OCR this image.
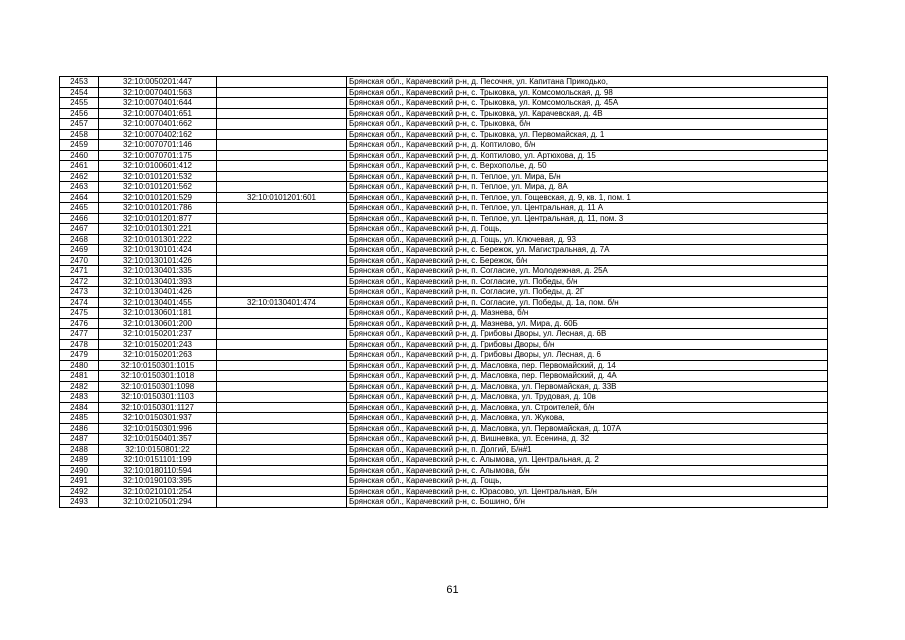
2453	32:10:0050201:447		Брянская обл., Карачевский р-н, д. Песочня, ул. Капитана Прикодько,
2454	32:10:0070401:563		Брянская обл., Карачевский р-н, с. Трыковка, ул. Комсомольская, д. 98
2455	32:10:0070401:644		Брянская обл., Карачевский р-н, с. Трыковка, ул. Комсомольская, д. 45А
2456	32:10:0070401:651		Брянская обл., Карачевский р-н, с. Трыковка, ул. Карачевская, д. 4В
2457	32:10:0070401:662		Брянская обл., Карачевский р-н, с. Трыковка, б/н
2458	32:10:0070402:162		Брянская обл., Карачевский р-н, с. Трыковка, ул. Первомайская, д. 1
2459	32:10:0070701:146		Брянская обл., Карачевский р-н, д. Коптилово, б/н
2460	32:10:0070701:175		Брянская обл., Карачевский р-н, д. Коптилово, ул. Артюхова, д. 15
2461	32:10:0100601:412		Брянская обл., Карачевский р-н, с. Верхополье, д. 50
2462	32:10:0101201:532		Брянская обл., Карачевский р-н, п. Теплое, ул. Мира, Б/н
2463	32:10:0101201:562		Брянская обл., Карачевский р-н, п. Теплое, ул. Мира, д. 8А
2464	32:10:0101201:529	32:10:0101201:601	Брянская обл., Карачевский р-н, п. Теплое, ул. Гощевская, д. 9, кв. 1, пом. 1
2465	32:10:0101201:786		Брянская обл., Карачевский р-н, п. Теплое, ул. Центральная, д. 11 А
2466	32:10:0101201:877		Брянская обл., Карачевский р-н, п. Теплое, ул. Центральная, д. 11, пом. 3
2467	32:10:0101301:221		Брянская обл., Карачевский р-н, д. Гощь,
2468	32:10:0101301:222		Брянская обл., Карачевский р-н, д. Гощь, ул. Ключевая, д. 93
2469	32:10:0130101:424		Брянская обл., Карачевский р-н, с. Бережок, ул. Магистральная, д. 7А
2470	32:10:0130101:426		Брянская обл., Карачевский р-н, с. Бережок, б/н
2471	32:10:0130401:335		Брянская обл., Карачевский р-н, п. Согласие, ул. Молодежная, д. 25А
2472	32:10:0130401:393		Брянская обл., Карачевский р-н, п. Согласие, ул. Победы, б/н
2473	32:10:0130401:426		Брянская обл., Карачевский р-н, п. Согласие, ул. Победы, д. 2Г
2474	32:10:0130401:455	32:10:0130401:474	Брянская обл., Карачевский р-н, п. Согласие, ул. Победы, д. 1а, пом. б/н
2475	32:10:0130601:181		Брянская обл., Карачевский р-н, д. Мазнева, б/н
2476	32:10:0130601:200		Брянская обл., Карачевский р-н, д. Мазнева, ул. Мира, д. 60Б
2477	32:10:0150201:237		Брянская обл., Карачевский р-н, д. Грибовы Дворы, ул. Лесная, д. 6В
2478	32:10:0150201:243		Брянская обл., Карачевский р-н, д. Грибовы Дворы, б/н
2479	32:10:0150201:263		Брянская обл., Карачевский р-н, д. Грибовы Дворы, ул. Лесная, д. 6
2480	32:10:0150301:1015		Брянская обл., Карачевский р-н, д. Масловка, пер. Первомайский, д. 14
2481	32:10:0150301:1018		Брянская обл., Карачевский р-н, д. Масловка, пер. Первомайский, д. 4А
2482	32:10:0150301:1098		Брянская обл., Карачевский р-н, д. Масловка, ул. Первомайская, д. 33В
2483	32:10:0150301:1103		Брянская обл., Карачевский р-н, д. Масловка, ул. Трудовая, д. 10в
2484	32:10:0150301:1127		Брянская обл., Карачевский р-н, д. Масловка, ул. Строителей, б/н
2485	32:10:0150301:937		Брянская обл., Карачевский р-н, д. Масловка, ул. Жукова,
2486	32:10:0150301:996		Брянская обл., Карачевский р-н, д. Масловка, ул. Первомайская, д. 107А
2487	32:10:0150401:357		Брянская обл., Карачевский р-н, д. Вишневка, ул. Есенина, д. 32
2488	32:10:0150801:22		Брянская обл., Карачевский р-н, п. Долгий, Б/н#1
2489	32:10:0151101:199		Брянская обл., Карачевский р-н, с. Алымова, ул. Центральная, д. 2
2490	32:10:0180110:594		Брянская обл., Карачевский р-н, с. Алымова, б/н
2491	32:10:0190103:395		Брянская обл., Карачевский р-н, д. Гощь,
2492	32:10:0210101:254		Брянская обл., Карачевский р-н, с. Юрасово, ул. Центральная, Б/н
2493	32:10:0210501:294		Брянская обл., Карачевский р-н, с. Бошино, б/н
61
